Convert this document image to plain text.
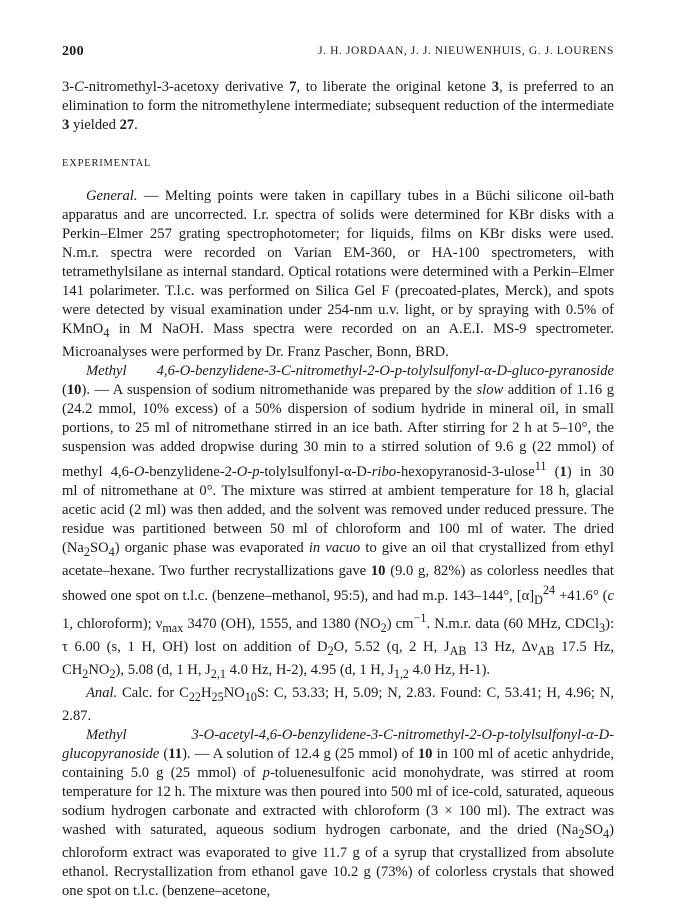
200	J. H. JORDAAN, J. J. NIEUWENHUIS, G. J. LOURENS

3-C-nitromethyl-3-acetoxy derivative 7, to liberate the original ketone 3, is preferred to an elimination to form the nitromethylene intermediate; subsequent reduction of the intermediate 3 yielded 27.

EXPERIMENTAL

General. — Melting points were taken in capillary tubes in a Büchi silicone oil-bath apparatus and are uncorrected. I.r. spectra of solids were determined for KBr disks with a Perkin–Elmer 257 grating spectrophotometer; for liquids, films on KBr disks were used. N.m.r. spectra were recorded on Varian EM-360, or HA-100 spectrometers, with tetramethylsilane as internal standard. Optical rotations were determined with a Perkin–Elmer 141 polarimeter. T.l.c. was performed on Silica Gel F (precoated-plates, Merck), and spots were detected by visual examination under 254-nm u.v. light, or by spraying with 0.5% of KMnO$_4$ in M NaOH. Mass spectra were recorded on an A.E.I. MS-9 spectrometer. Microanalyses were performed by Dr. Franz Pascher, Bonn, BRD.

Methyl 4,6-O-benzylidene-3-C-nitromethyl-2-O-p-tolylsulfonyl-α-D-gluco-pyranoside (10). — A suspension of sodium nitromethanide was prepared by the slow addition of 1.16 g (24.2 mmol, 10% excess) of a 50% dispersion of sodium hydride in mineral oil, in small portions, to 25 ml of nitromethane stirred in an ice bath. After stirring for 2 h at 5–10°, the suspension was added dropwise during 30 min to a stirred solution of 9.6 g (22 mmol) of methyl 4,6-O-benzylidene-2-O-p-tolylsulfonyl-α-D-ribo-hexopyranosid-3-ulose$^{11}$ (1) in 30 ml of nitromethane at 0°. The mixture was stirred at ambient temperature for 18 h, glacial acetic acid (2 ml) was then added, and the solvent was removed under reduced pressure. The residue was partitioned between 50 ml of chloroform and 100 ml of water. The dried $(Na_2SO_4)$ organic phase was evaporated in vacuo to give an oil that crystallized from ethyl acetate–hexane. Two further recrystallizations gave 10 (9.0 g, 82%) as colorless needles that showed one spot on t.l.c. (benzene–methanol, 95:5), and had m.p. 143–144°, $[\alpha]_D^{24} +41.6^\circ$ (c 1, chloroform); $\nu_{max}$ 3470 (OH), 1555, and 1380 $(NO_2)$ $cm^{-1}$. N.m.r. data (60 MHz, CDCl$_3$): τ 6.00 (s, 1 H, OH) lost on addition of $D_2O$, 5.52 (q, 2 H, $J_{AB}$ 13 Hz, $\Delta\nu_{AB}$ 17.5 Hz, $CH_2NO_2$), 5.08 (d, 1 H, $J_{2,1}$ 4.0 Hz, H-2), 4.95 (d, 1 H, $J_{1,2}$ 4.0 Hz, H-1).

Anal. Calc. for $C_{22}H_{25}NO_{10}S$: C, 53.33; H, 5.09; N, 2.83. Found: C, 53.41; H, 4.96; N, 2.87.

Methyl 3-O-acetyl-4,6-O-benzylidene-3-C-nitromethyl-2-O-p-tolylsulfonyl-α-D-glucopyranoside (11). — A solution of 12.4 g (25 mmol) of 10 in 100 ml of acetic anhydride, containing 5.0 g (25 mmol) of p-toluenesulfonic acid monohydrate, was stirred at room temperature for 12 h. The mixture was then poured into 500 ml of ice-cold, saturated, aqueous sodium hydrogen carbonate and extracted with chloroform (3 × 100 ml). The extract was washed with saturated, aqueous sodium hydrogen carbonate, and the dried $(Na_2SO_4)$ chloroform extract was evaporated to give 11.7 g of a syrup that crystallized from absolute ethanol. Recrystallization from ethanol gave 10.2 g (73%) of colorless crystals that showed one spot on t.l.c. (benzene–acetone,
